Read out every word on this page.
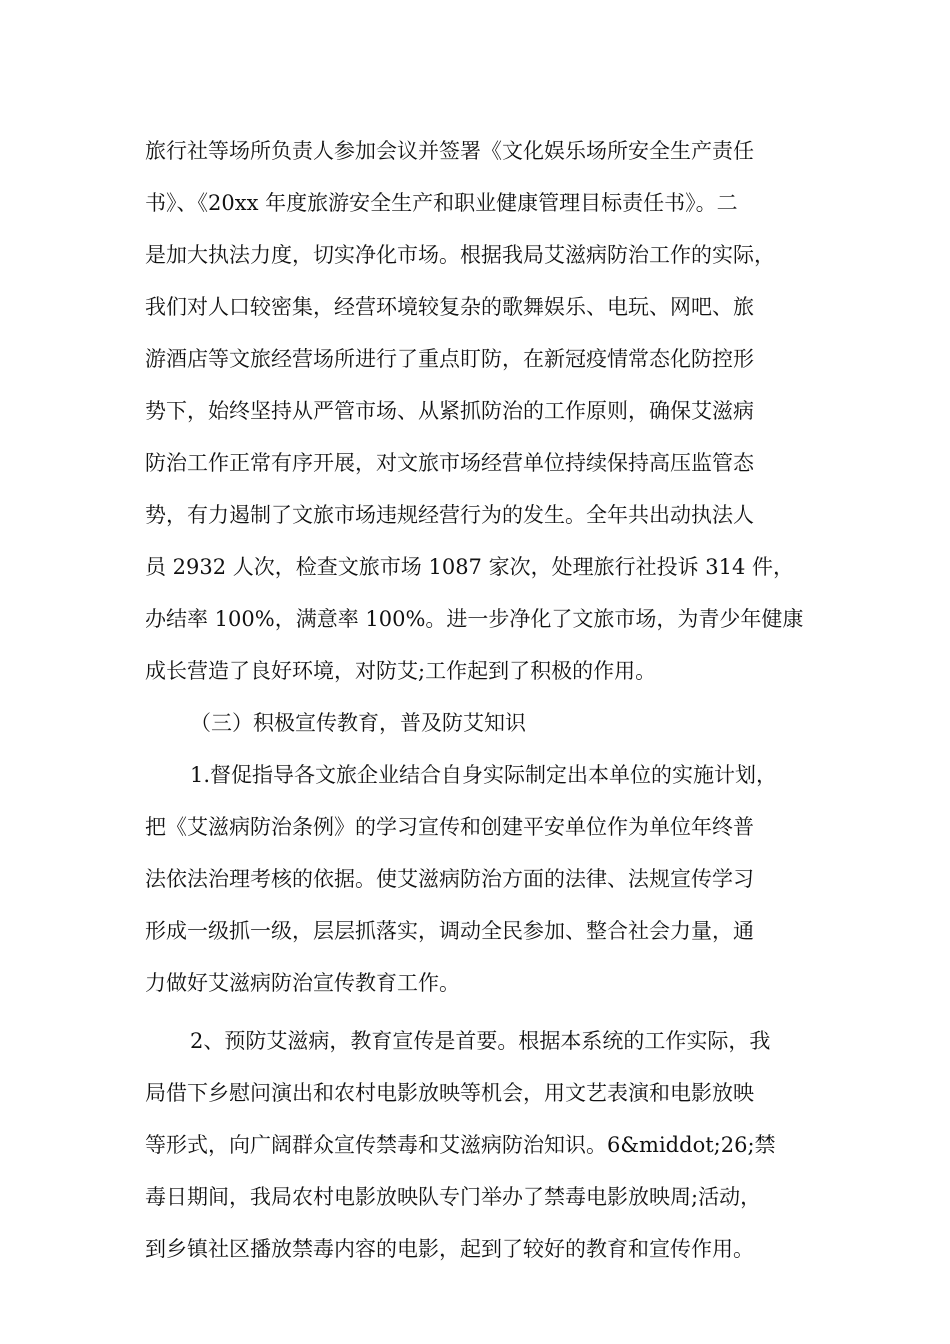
旅行社等场所负责人参加会议并签署《文化娱乐场所安全生产责任
书》、《20xx 年度旅游安全生产和职业健康管理目标责任书》。二
是加大执法力度，切实净化市场。根据我局艾滋病防治工作的实际，
我们对人口较密集，经营环境较复杂的歌舞娱乐、电玩、网吧、旅
游酒店等文旅经营场所进行了重点盯防，在新冠疫情常态化防控形
势下，始终坚持从严管市场、从紧抓防治的工作原则，确保艾滋病
防治工作正常有序开展，对文旅市场经营单位持续保持高压监管态
势，有力遏制了文旅市场违规经营行为的发生。全年共出动执法人
员 2932 人次，检查文旅市场 1087 家次，处理旅行社投诉 314 件，
办结率 100%，满意率 100%。进一步净化了文旅市场，为青少年健康
成长营造了良好环境，对防艾;工作起到了积极的作用。
（三）积极宣传教育，普及防艾知识
1.督促指导各文旅企业结合自身实际制定出本单位的实施计划，
把《艾滋病防治条例》的学习宣传和创建平安单位作为单位年终普
法依法治理考核的依据。使艾滋病防治方面的法律、法规宣传学习
形成一级抓一级，层层抓落实，调动全民参加、整合社会力量，通
力做好艾滋病防治宣传教育工作。
2、预防艾滋病，教育宣传是首要。根据本系统的工作实际，我
局借下乡慰问演出和农村电影放映等机会，用文艺表演和电影放映
等形式，向广阔群众宣传禁毒和艾滋病防治知识。6&middot;26;禁
毒日期间，我局农村电影放映队专门举办了禁毒电影放映周;活动，
到乡镇社区播放禁毒内容的电影，起到了较好的教育和宣传作用。
